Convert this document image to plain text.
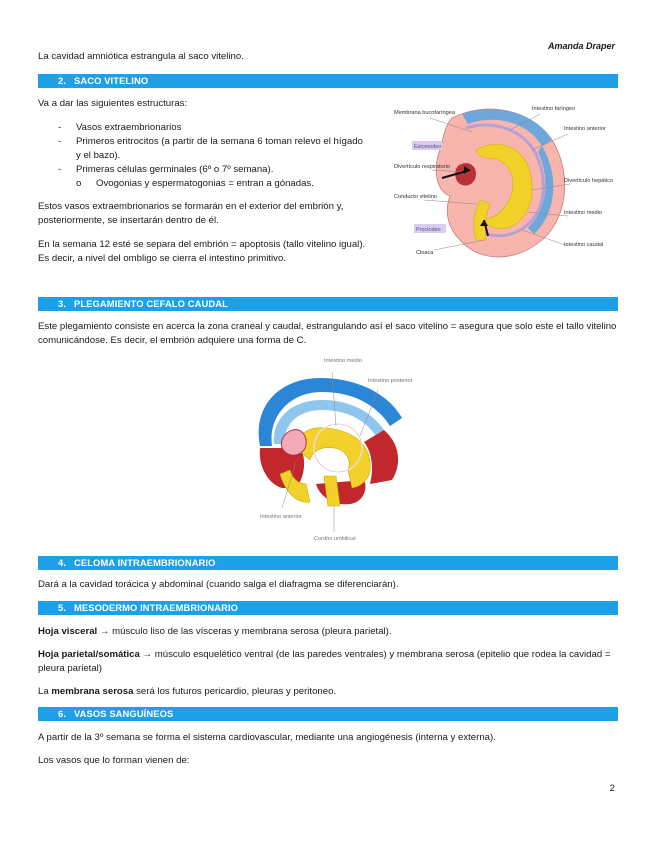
Amanda Draper
La cavidad amniótica estrangula al saco vitelino.
2. SACO VITELINO
Va a dar las siguientes estructuras:
- Vasos extraembrionarios
- Primeros eritrocitos (a partir de la semana 6 toman relevo el hígado y el bazo).
- Primeras células germinales (6º o 7º semana).
o Ovogonias y espermatogonias = entran a gónadas.
Estos vasos extraembrionarios se formarán en el exterior del embrión y, posteriormente, se insertarán dentro de él.
En la semana 12 esté se separa del embrión = apoptosis (tallo vitelino igual). Es decir, a nivel del ombligo se cierra el intestino primitivo.
Estomodeo
Proctodeo
Membrana bucofaríngea Divertículo respiratorio Conducto vitelino Cloaca Intestino faríngeo Intestino anterior Divertículo hepático Intestino medio Intestino caudal
3. PLEGAMIENTO CEFALO CAUDAL
Este plegamiento consiste en acerca la zona craneal y caudal, estrangulando así el saco vitelino = asegura que solo este el tallo vitelino comunicándose. Es decir, el embrión adquiere una forma de C.
Intestino medio Intestino posterior Intestino anterior Cordón umbilical
4. CELOMA INTRAEMBRIONARIO
Dará a la cavidad torácica y abdominal (cuando salga el diafragma se diferenciarán).
5. MESODERMO INTRAEMBRIONARIO
Hoja visceral → músculo liso de las vísceras y membrana serosa (pleura parietal).
Hoja parietal/somática → músculo esquelético ventral (de las paredes ventrales) y membrana serosa (epitelio que rodea la cavidad = pleura parietal)
La membrana serosa será los futuros pericardio, pleuras y peritoneo.
6. VASOS SANGUÍNEOS
A partir de la 3º semana se forma el sistema cardiovascular, mediante una angiogénesis (interna y externa).
Los vasos que lo forman vienen de:
2
